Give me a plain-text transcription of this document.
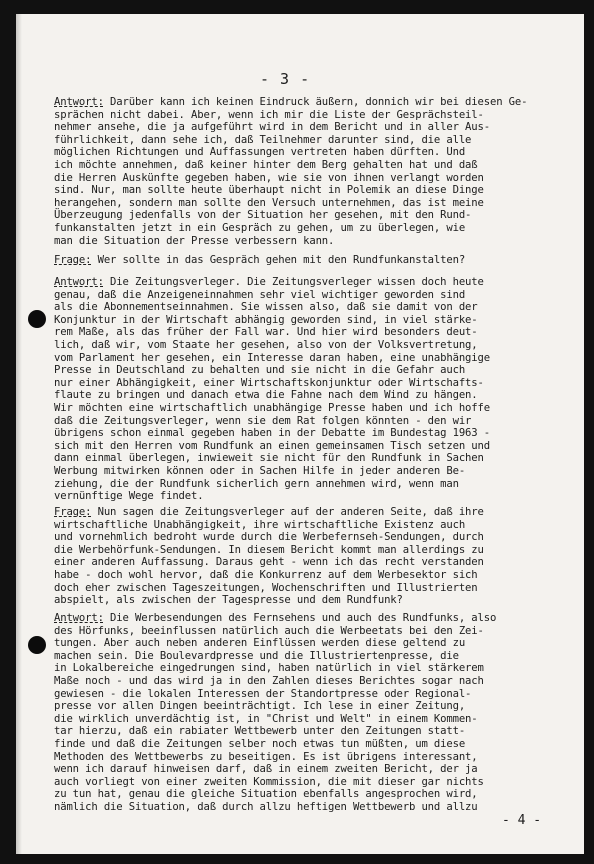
- 3 -
Antwort: Darüber kann ich keinen Eindruck äußern, donnich wir bei diesen Ge-
sprächen nicht dabei. Aber, wenn ich mir die Liste der Gesprächsteil-
nehmer ansehe, die ja aufgeführt wird in dem Bericht und in aller Aus-
führlichkeit, dann sehe ich, daß Teilnehmer darunter sind, die alle
möglichen Richtungen und Auffassungen vertreten haben dürften. Und
ich möchte annehmen, daß keiner hinter dem Berg gehalten hat und daß
die Herren Auskünfte gegeben haben, wie sie von ihnen verlangt worden
sind. Nur, man sollte heute überhaupt nicht in Polemik an diese Dinge
herangehen, sondern man sollte den Versuch unternehmen, das ist meine
Überzeugung jedenfalls von der Situation her gesehen, mit den Rund-
funkanstalten jetzt in ein Gespräch zu gehen, um zu überlegen, wie
man die Situation der Presse verbessern kann.
Frage: Wer sollte in das Gespräch gehen mit den Rundfunkanstalten?
Antwort: Die Zeitungsverleger. Die Zeitungsverleger wissen doch heute
genau, daß die Anzeigeneinnahmen sehr viel wichtiger geworden sind
als die Abonnementseinnahmen. Sie wissen also, daß sie damit von der
Konjunktur in der Wirtschaft abhängig geworden sind, in viel stärke-
rem Maße, als das früher der Fall war. Und hier wird besonders deut-
lich, daß wir, vom Staate her gesehen, also von der Volksvertretung,
vom Parlament her gesehen, ein Interesse daran haben, eine unabhängige
Presse in Deutschland zu behalten und sie nicht in die Gefahr auch
nur einer Abhängigkeit, einer Wirtschaftskonjunktur oder Wirtschafts-
flaute zu bringen und danach etwa die Fahne nach dem Wind zu hängen.
Wir möchten eine wirtschaftlich unabhängige Presse haben und ich hoffe
daß die Zeitungsverleger, wenn sie dem Rat folgen könnten - den wir
übrigens schon einmal gegeben haben in der Debatte im Bundestag 1963 -
sich mit den Herren vom Rundfunk an einen gemeinsamen Tisch setzen und
dann einmal überlegen, inwieweit sie nicht für den Rundfunk in Sachen
Werbung mitwirken können oder in Sachen Hilfe in jeder anderen Be-
ziehung, die der Rundfunk sicherlich gern annehmen wird, wenn man
vernünftige Wege findet.
Frage: Nun sagen die Zeitungsverleger auf der anderen Seite, daß ihre
wirtschaftliche Unabhängigkeit, ihre wirtschaftliche Existenz auch
und vornehmlich bedroht wurde durch die Werbefernseh-Sendungen, durch
die Werbehörfunk-Sendungen. In diesem Bericht kommt man allerdings zu
einer anderen Auffassung. Daraus geht - wenn ich das recht verstanden
habe - doch wohl hervor, daß die Konkurrenz auf dem Werbesektor sich
doch eher zwischen Tageszeitungen, Wochenschriften und Illustrierten
abspielt, als zwischen der Tagespresse und dem Rundfunk?
Antwort: Die Werbesendungen des Fernsehens und auch des Rundfunks, also
des Hörfunks, beeinflussen natürlich auch die Werbeetats bei den Zei-
tungen. Aber auch neben anderen Einflüssen werden diese geltend zu
machen sein. Die Boulevardpresse und die Illustriertenpresse, die
in Lokalbereiche eingedrungen sind, haben natürlich in viel stärkerem
Maße noch - und das wird ja in den Zahlen dieses Berichtes sogar nach
gewiesen - die lokalen Interessen der Standortpresse oder Regional-
presse vor allen Dingen beeinträchtigt. Ich lese in einer Zeitung,
die wirklich unverdächtig ist, in "Christ und Welt" in einem Kommen-
tar hierzu, daß ein rabiater Wettbewerb unter den Zeitungen statt-
finde und daß die Zeitungen selber noch etwas tun müßten, um diese
Methoden des Wettbewerbs zu beseitigen. Es ist übrigens interessant,
wenn ich darauf hinweisen darf, daß in einem zweiten Bericht, der ja
auch vorliegt von einer zweiten Kommission, die mit dieser gar nichts
zu tun hat, genau die gleiche Situation ebenfalls angesprochen wird,
nämlich die Situation, daß durch allzu heftigen Wettbewerb und allzu
- 4 -
